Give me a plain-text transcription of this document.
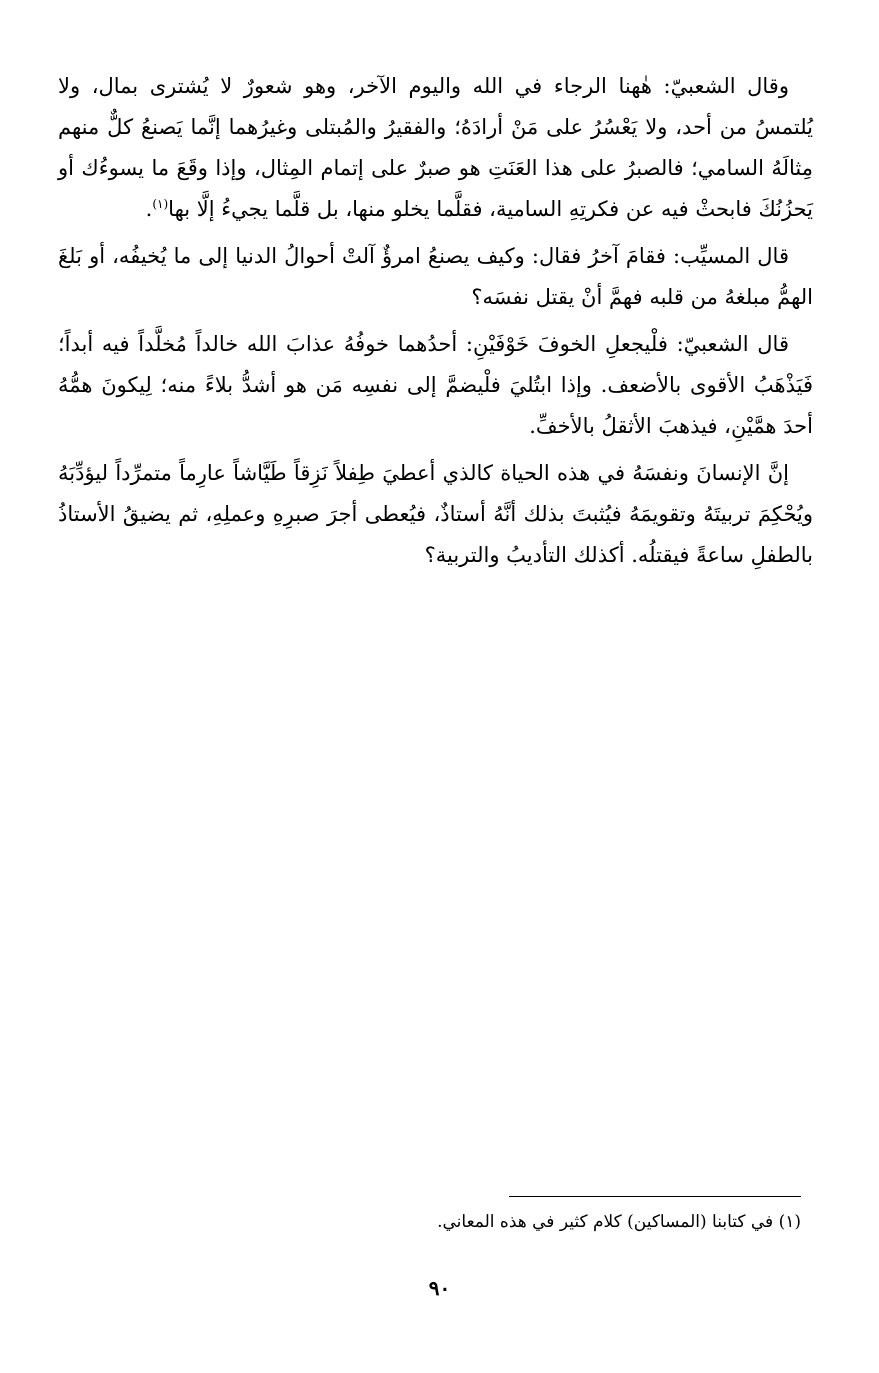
وقال الشعبيّ: هٰهنا الرجاء في الله واليوم الآخر، وهو شعورٌ لا يُشترى بمال، ولا يُلتمسُ من أحد، ولا يَعْسُرُ على مَنْ أرادَهُ؛ والفقيرُ والمُبتلى وغيرُهما إنَّما يَصنعُ كلٌّ منهم مِثالَهُ السامي؛ فالصبرُ على هذا العَنَتِ هو صبرٌ على إتمام المِثال، وإذا وقَعَ ما يسوءُك أو يَحزُنُكَ فابحثْ فيه عن فكرتِهِ السامية، فقلَّما يخلو منها، بل قلَّما يجيءُ إلَّا بها$^{(١)}$.

قال المسيِّب: فقامَ آخرُ فقال: وكيف يصنعُ امرؤٌ آلتْ أحوالُ الدنيا إلى ما يُخيفُه، أو بَلغَ الهمُّ مبلغهُ من قلبه فهمَّ أنْ يقتل نفسَه؟

قال الشعبيّ: فلْيجعلِ الخوفَ خَوْفَيْنِ: أحدُهما خوفُهُ عذابَ الله خالداً مُخلَّداً فيه أبداً؛ فَيَذْهَبُ الأقوى بالأضعف. وإذا ابتُليَ فلْيضمَّ إلى نفسِه مَن هو أشدُّ بلاءً منه؛ لِيكونَ همُّهُ أحدَ همَّيْنِ، فيذهبَ الأثقلُ بالأخفِّ.

إنَّ الإنسانَ ونفسَهُ في هذه الحياة كالذي أعطيَ طِفلاً نَزِقاً طَيَّاشاً عارِماً متمرِّداً ليؤدِّبَهُ ويُحْكِمَ تربيتَهُ وتقويمَهُ فيُثبتَ بذلك أنَّهُ أستاذٌ، فيُعطى أجرَ صبرِهِ وعملِهِ، ثم يضيقُ الأستاذُ بالطفلِ ساعةً فيقتلُه. أكذلك التأديبُ والتربية؟

(١) في كتابنا (المساكين) كلام كثير في هذه المعاني.

٩٠
